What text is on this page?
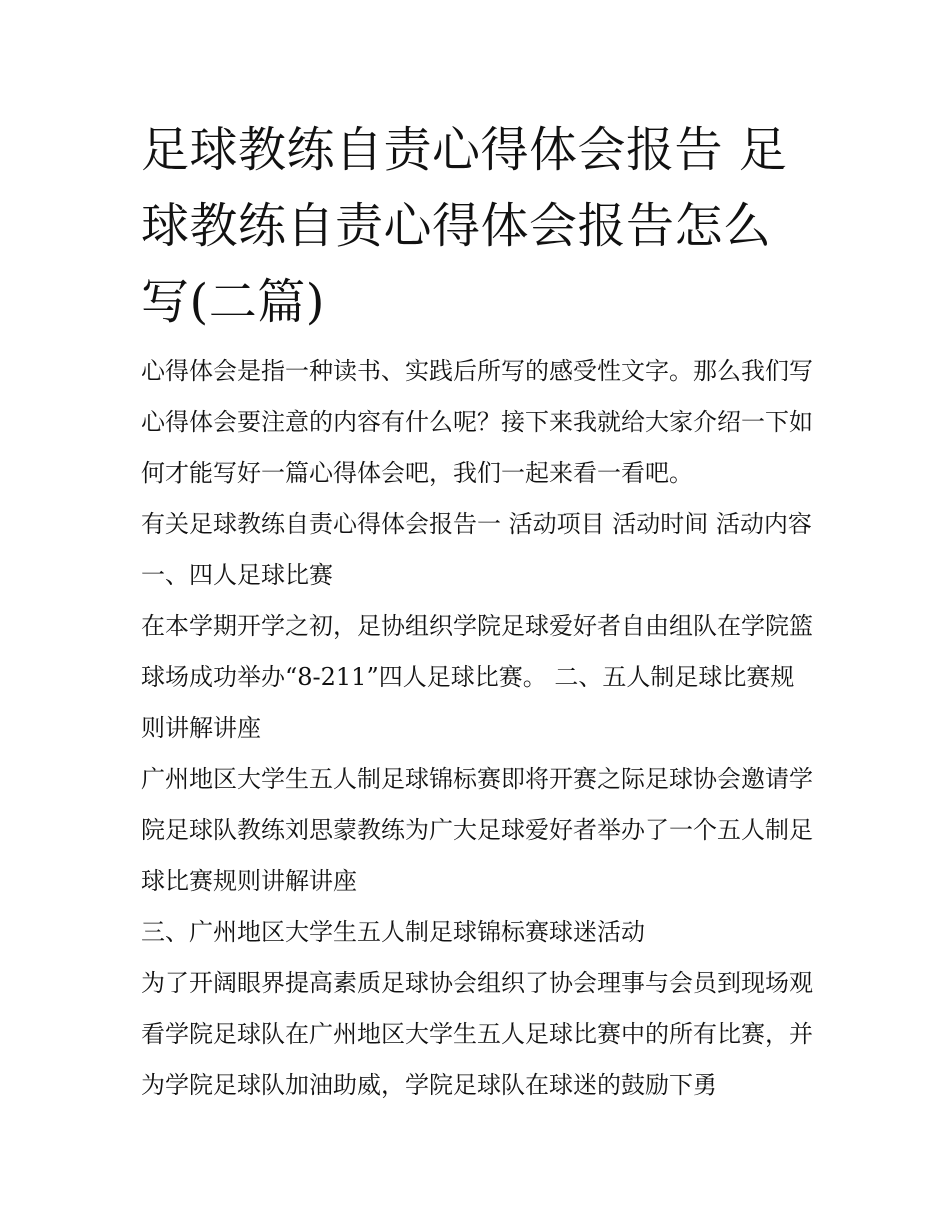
足球教练自责心得体会报告 足球教练自责心得体会报告怎么写(二篇)

心得体会是指一种读书、实践后所写的感受性文字。那么我们写心得体会要注意的内容有什么呢？接下来我就给大家介绍一下如何才能写好一篇心得体会吧，我们一起来看一看吧。

有关足球教练自责心得体会报告一 活动项目 活动时间 活动内容 一、四人足球比赛

在本学期开学之初，足协组织学院足球爱好者自由组队在学院篮球场成功举办“8-211”四人足球比赛。 二、五人制足球比赛规则讲解讲座

广州地区大学生五人制足球锦标赛即将开赛之际足球协会邀请学院足球队教练刘思蒙教练为广大足球爱好者举办了一个五人制足球比赛规则讲解讲座

三、广州地区大学生五人制足球锦标赛球迷活动

为了开阔眼界提高素质足球协会组织了协会理事与会员到现场观看学院足球队在广州地区大学生五人足球比赛中的所有比赛，并为学院足球队加油助威，学院足球队在球迷的鼓励下勇
